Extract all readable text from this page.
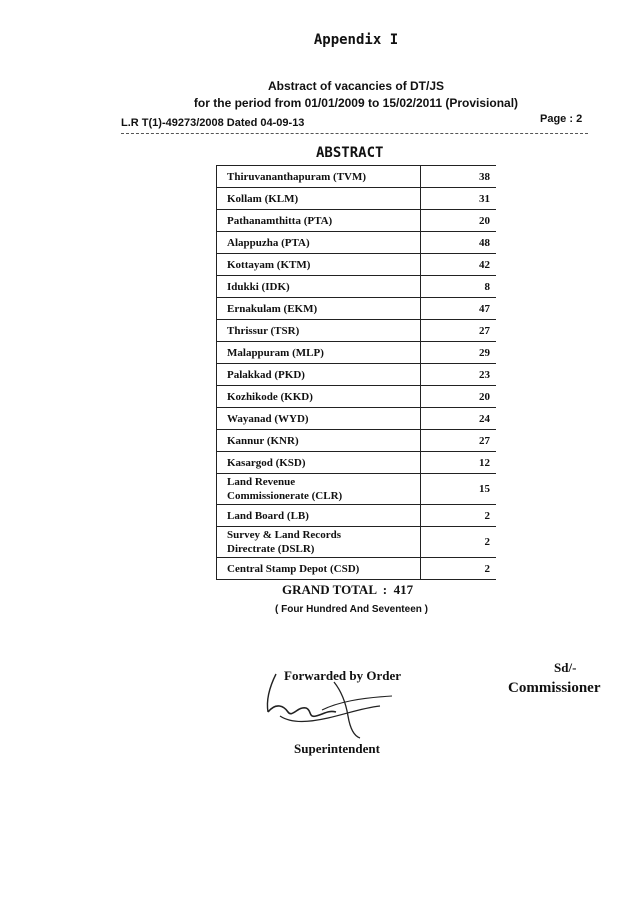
Appendix I
Abstract of vacancies of DT/JS
for the period from 01/01/2009 to 15/02/2011 (Provisional)
L.R T(1)-49273/2008 Dated 04-09-13	Page : 2
ABSTRACT
Thiruvananthapuram (TVM)	38
Kollam (KLM)	31
Pathanamthitta (PTA)	20
Alappuzha (PTA)	48
Kottayam (KTM)	42
Idukki (IDK)	8
Ernakulam (EKM)	47
Thrissur (TSR)	27
Malappuram (MLP)	29
Palakkad (PKD)	23
Kozhikode (KKD)	20
Wayanad (WYD)	24
Kannur (KNR)	27
Kasargod (KSD)	12

Land Revenue
Commissionerate (CLR)	15
Land Board (LB)	2

Survey & Land Records
Directrate (DSLR)	2
Central Stamp Depot (CSD)	2
GRAND TOTAL  :  417
( Four Hundred And Seventeen )
Forwarded by Order
Superintendent
Sd/-
Commissioner
